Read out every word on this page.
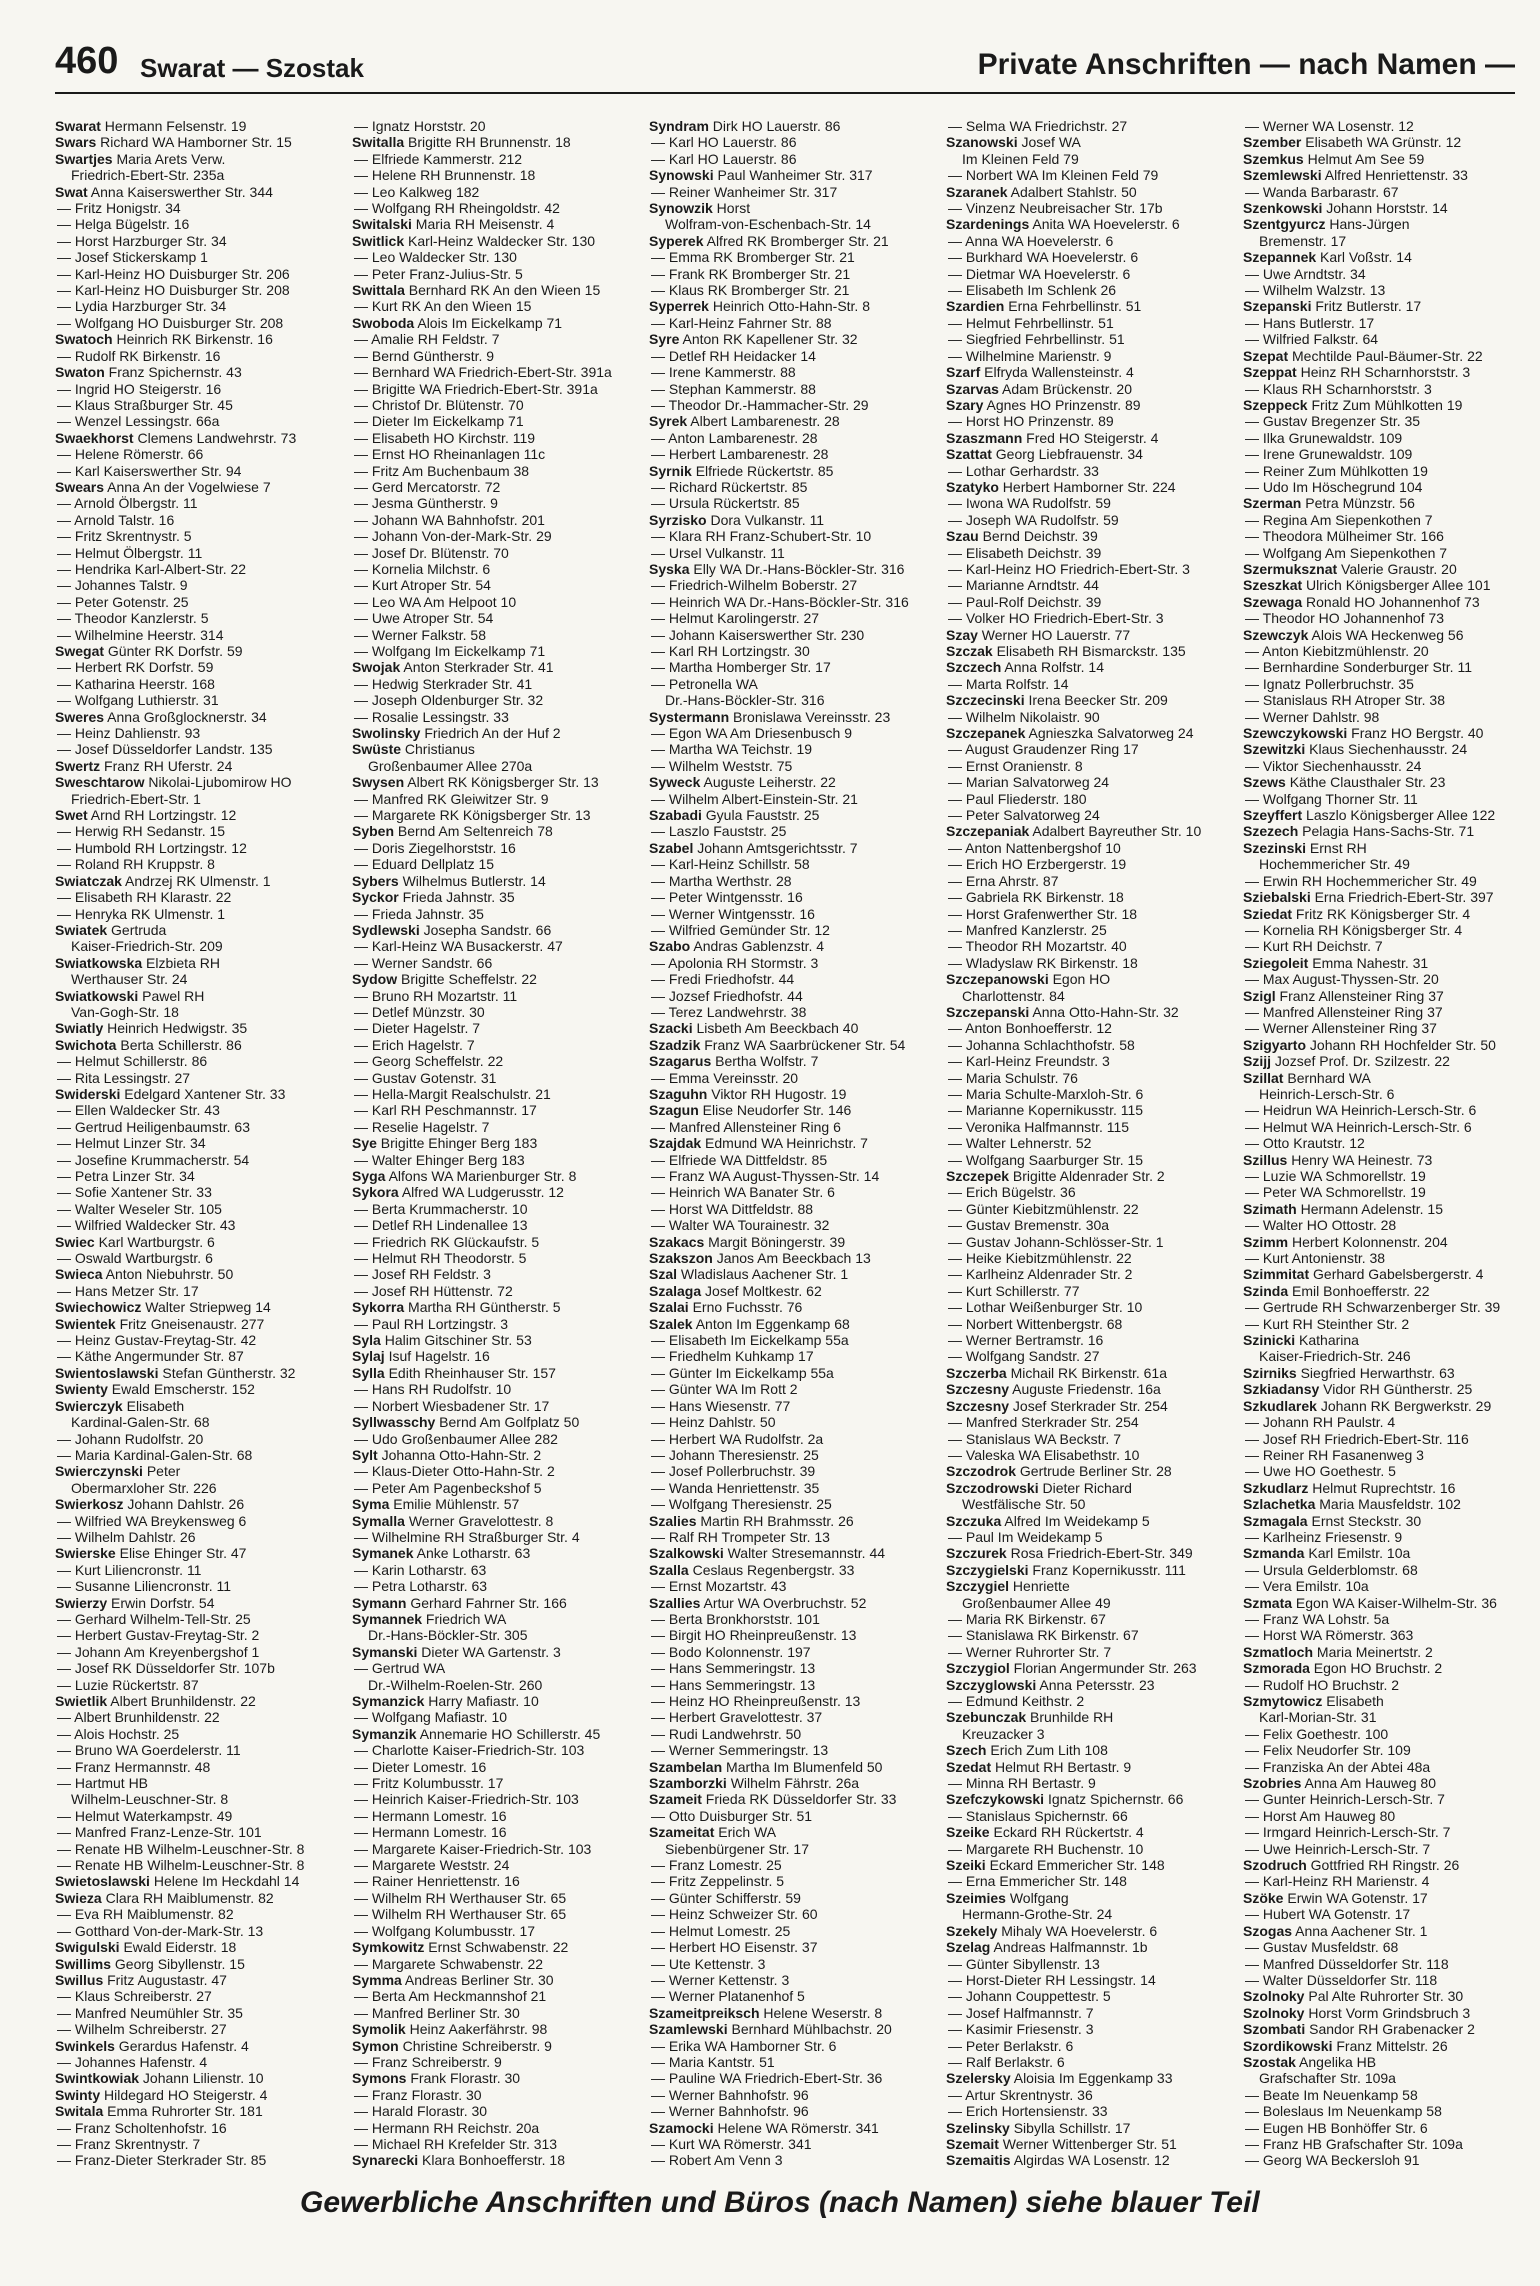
460 Swarat — Szostak	Private Anschriften — nach Namen —
Swarat Hermann Felsenstr. 19
Swars Richard WA Hamborner Str. 15
Swartjes Maria Arets Verw.
Friedrich-Ebert-Str. 235a
Swat Anna Kaiserswerther Str. 344
— Fritz Honigstr. 34
— Helga Bügelstr. 16
— Horst Harzburger Str. 34
— Josef Stickerskamp 1
— Karl-Heinz HO Duisburger Str. 206
— Karl-Heinz HO Duisburger Str. 208
— Lydia Harzburger Str. 34
— Wolfgang HO Duisburger Str. 208
Swatoch Heinrich RK Birkenstr. 16
— Rudolf RK Birkenstr. 16
Swaton Franz Spichernstr. 43
— Ingrid HO Steigerstr. 16
— Klaus Straßburger Str. 45
— Wenzel Lessingstr. 66a
Swaekhorst Clemens Landwehrstr. 73
— Helene Römerstr. 66
— Karl Kaiserswerther Str. 94
Swears Anna An der Vogelwiese 7
— Arnold Ölbergstr. 11
— Arnold Talstr. 16
— Fritz Skrentnystr. 5
— Helmut Ölbergstr. 11
— Hendrika Karl-Albert-Str. 22
— Johannes Talstr. 9
— Peter Gotenstr. 25
— Theodor Kanzlerstr. 5
— Wilhelmine Heerstr. 314
Swegat Günter RK Dorfstr. 59
— Herbert RK Dorfstr. 59
— Katharina Heerstr. 168
— Wolfgang Luthierstr. 31
Sweres Anna Großglocknerstr. 34
— Heinz Dahlienstr. 93
— Josef Düsseldorfer Landstr. 135
Swertz Franz RH Uferstr. 24
Sweschtarow Nikolai-Ljubomirow HO
Friedrich-Ebert-Str. 1
Swet Arnd RH Lortzingstr. 12
— Herwig RH Sedanstr. 15
— Humbold RH Lortzingstr. 12
— Roland RH Kruppstr. 8
Swiatczak Andrzej RK Ulmenstr. 1
— Elisabeth RH Klarastr. 22
— Henryka RK Ulmenstr. 1
Swiatek Gertruda
Kaiser-Friedrich-Str. 209
Swiatkowska Elzbieta RH
Werthauser Str. 24
Swiatkowski Pawel RH
Van-Gogh-Str. 18
Swiatly Heinrich Hedwigstr. 35
Swichota Berta Schillerstr. 86
— Helmut Schillerstr. 86
— Rita Lessingstr. 27
Swiderski Edelgard Xantener Str. 33
— Ellen Waldecker Str. 43
— Gertrud Heiligenbaumstr. 63
— Helmut Linzer Str. 34
— Josefine Krummacherstr. 54
— Petra Linzer Str. 34
— Sofie Xantener Str. 33
— Walter Weseler Str. 105
— Wilfried Waldecker Str. 43
Swiec Karl Wartburgstr. 6
— Oswald Wartburgstr. 6
Swieca Anton Niebuhrstr. 50
— Hans Metzer Str. 17
Swiechowicz Walter Striepweg 14
Swientek Fritz Gneisenaustr. 277
— Heinz Gustav-Freytag-Str. 42
— Käthe Angermunder Str. 87
Swientoslawski Stefan Güntherstr. 32
Swienty Ewald Emscherstr. 152
Swierczyk Elisabeth
Kardinal-Galen-Str. 68
— Johann Rudolfstr. 20
— Maria Kardinal-Galen-Str. 68
Swierczynski Peter
Obermarxloher Str. 226
Swierkosz Johann Dahlstr. 26
— Wilfried WA Breykensweg 6
— Wilhelm Dahlstr. 26
Swierske Elise Ehinger Str. 47
— Kurt Liliencronstr. 11
— Susanne Liliencronstr. 11
Swierzy Erwin Dorfstr. 54
— Gerhard Wilhelm-Tell-Str. 25
— Herbert Gustav-Freytag-Str. 2
— Johann Am Kreyenbergshof 1
— Josef RK Düsseldorfer Str. 107b
— Luzie Rückertstr. 87
Swietlik Albert Brunhildenstr. 22
— Albert Brunhildenstr. 22
— Alois Hochstr. 25
— Bruno WA Goerdelerstr. 11
— Franz Hermannstr. 48
— Hartmut HB
Wilhelm-Leuschner-Str. 8
— Helmut Waterkampstr. 49
— Manfred Franz-Lenze-Str. 101
— Renate HB Wilhelm-Leuschner-Str. 8
— Renate HB Wilhelm-Leuschner-Str. 8
Swietoslawski Helene Im Heckdahl 14
Swieza Clara RH Maiblumenstr. 82
— Eva RH Maiblumenstr. 82
— Gotthard Von-der-Mark-Str. 13
Swigulski Ewald Eiderstr. 18
Swillims Georg Sibyllenstr. 15
Swillus Fritz Augustastr. 47
— Klaus Schreiberstr. 27
— Manfred Neumühler Str. 35
— Wilhelm Schreiberstr. 27
Swinkels Gerardus Hafenstr. 4
— Johannes Hafenstr. 4
Swintkowiak Johann Lilienstr. 10
Swinty Hildegard HO Steigerstr. 4
Switala Emma Ruhrorter Str. 181
— Franz Scholtenhofstr. 16
— Franz Skrentnystr. 7
— Franz-Dieter Sterkrader Str. 85
— Ignatz Horststr. 20
Switalla Brigitte RH Brunnenstr. 18
— Elfriede Kammerstr. 212
— Helene RH Brunnenstr. 18
— Leo Kalkweg 182
— Wolfgang RH Rheingoldstr. 42
Switalski Maria RH Meisenstr. 4
Switlick Karl-Heinz Waldecker Str. 130
— Leo Waldecker Str. 130
— Peter Franz-Julius-Str. 5
Swittala Bernhard RK An den Wieen 15
— Kurt RK An den Wieen 15
Swoboda Alois Im Eickelkamp 71
— Amalie RH Feldstr. 7
— Bernd Güntherstr. 9
— Bernhard WA Friedrich-Ebert-Str. 391a
— Brigitte WA Friedrich-Ebert-Str. 391a
— Christof Dr. Blütenstr. 70
— Dieter Im Eickelkamp 71
— Elisabeth HO Kirchstr. 119
— Ernst HO Rheinanlagen 11c
— Fritz Am Buchenbaum 38
— Gerd Mercatorstr. 72
— Jesma Güntherstr. 9
— Johann WA Bahnhofstr. 201
— Johann Von-der-Mark-Str. 29
— Josef Dr. Blütenstr. 70
— Kornelia Milchstr. 6
— Kurt Atroper Str. 54
— Leo WA Am Helpoot 10
— Uwe Atroper Str. 54
— Werner Falkstr. 58
— Wolfgang Im Eickelkamp 71
Swojak Anton Sterkrader Str. 41
— Hedwig Sterkrader Str. 41
— Joseph Oldenburger Str. 32
— Rosalie Lessingstr. 33
Swolinsky Friedrich An der Huf 2
Swüste Christianus
Großenbaumer Allee 270a
Swysen Albert RK Königsberger Str. 13
— Manfred RK Gleiwitzer Str. 9
— Margarete RK Königsberger Str. 13
Syben Bernd Am Seltenreich 78
— Doris Ziegelhorststr. 16
— Eduard Dellplatz 15
Sybers Wilhelmus Butlerstr. 14
Syckor Frieda Jahnstr. 35
— Frieda Jahnstr. 35
Sydlewski Josepha Sandstr. 66
— Karl-Heinz WA Busackerstr. 47
— Werner Sandstr. 66
Sydow Brigitte Scheffelstr. 22
— Bruno RH Mozartstr. 11
— Detlef Münzstr. 30
— Dieter Hagelstr. 7
— Erich Hagelstr. 7
— Georg Scheffelstr. 22
— Gustav Gotenstr. 31
— Hella-Margit Realschulstr. 21
— Karl RH Peschmannstr. 17
— Reselie Hagelstr. 7
Sye Brigitte Ehinger Berg 183
— Walter Ehinger Berg 183
Syga Alfons WA Marienburger Str. 8
Sykora Alfred WA Ludgerusstr. 12
— Berta Krummacherstr. 10
— Detlef RH Lindenallee 13
— Friedrich RK Glückaufstr. 5
— Helmut RH Theodorstr. 5
— Josef RH Feldstr. 3
— Josef RH Hüttenstr. 72
Sykorra Martha RH Güntherstr. 5
— Paul RH Lortzingstr. 3
Syla Halim Gitschiner Str. 53
Sylaj Isuf Hagelstr. 16
Sylla Edith Rheinhauser Str. 157
— Hans RH Rudolfstr. 10
— Norbert Wiesbadener Str. 17
Syllwasschy Bernd Am Golfplatz 50
— Udo Großenbaumer Allee 282
Sylt Johanna Otto-Hahn-Str. 2
— Klaus-Dieter Otto-Hahn-Str. 2
— Peter Am Pagenbeckshof 5
Syma Emilie Mühlenstr. 57
Symalla Werner Gravelottestr. 8
— Wilhelmine RH Straßburger Str. 4
Symanek Anke Lotharstr. 63
— Karin Lotharstr. 63
— Petra Lotharstr. 63
Symann Gerhard Fahrner Str. 166
Symannek Friedrich WA
Dr.-Hans-Böckler-Str. 305
Symanski Dieter WA Gartenstr. 3
— Gertrud WA
Dr.-Wilhelm-Roelen-Str. 260
Symanzick Harry Mafiastr. 10
— Wolfgang Mafiastr. 10
Symanzik Annemarie HO Schillerstr. 45
— Charlotte Kaiser-Friedrich-Str. 103
— Dieter Lomestr. 16
— Fritz Kolumbusstr. 17
— Heinrich Kaiser-Friedrich-Str. 103
— Hermann Lomestr. 16
— Hermann Lomestr. 16
— Margarete Kaiser-Friedrich-Str. 103
— Margarete Weststr. 24
— Rainer Henriettenstr. 16
— Wilhelm RH Werthauser Str. 65
— Wilhelm RH Werthauser Str. 65
— Wolfgang Kolumbusstr. 17
Symkowitz Ernst Schwabenstr. 22
— Margarete Schwabenstr. 22
Symma Andreas Berliner Str. 30
— Berta Am Heckmannshof 21
— Manfred Berliner Str. 30
Symolik Heinz Aakerfährstr. 98
Symon Christine Schreiberstr. 9
— Franz Schreiberstr. 9
Symons Frank Florastr. 30
— Franz Florastr. 30
— Harald Florastr. 30
— Hermann RH Reichstr. 20a
— Michael RH Krefelder Str. 313
Synarecki Klara Bonhoefferstr. 18
Syndram Dirk HO Lauerstr. 86
— Karl HO Lauerstr. 86
— Karl HO Lauerstr. 86
Synowski Paul Wanheimer Str. 317
— Reiner Wanheimer Str. 317
Synowzik Horst
Wolfram-von-Eschenbach-Str. 14
Syperek Alfred RK Bromberger Str. 21
— Emma RK Bromberger Str. 21
— Frank RK Bromberger Str. 21
— Klaus RK Bromberger Str. 21
Syperrek Heinrich Otto-Hahn-Str. 8
— Karl-Heinz Fahrner Str. 88
Syre Anton RK Kapellener Str. 32
— Detlef RH Heidacker 14
— Irene Kammerstr. 88
— Stephan Kammerstr. 88
— Theodor Dr.-Hammacher-Str. 29
Syrek Albert Lambarenestr. 28
— Anton Lambarenestr. 28
— Herbert Lambarenestr. 28
Syrnik Elfriede Rückertstr. 85
— Richard Rückertstr. 85
— Ursula Rückertstr. 85
Syrzisko Dora Vulkanstr. 11
— Klara RH Franz-Schubert-Str. 10
— Ursel Vulkanstr. 11
Syska Elly WA Dr.-Hans-Böckler-Str. 316
— Friedrich-Wilhelm Boberstr. 27
— Heinrich WA Dr.-Hans-Böckler-Str. 316
— Helmut Karolingerstr. 27
— Johann Kaiserswerther Str. 230
— Karl RH Lortzingstr. 30
— Martha Homberger Str. 17
— Petronella WA
Dr.-Hans-Böckler-Str. 316
Systermann Bronislawa Vereinsstr. 23
— Egon WA Am Driesenbusch 9
— Martha WA Teichstr. 19
— Wilhelm Weststr. 75
Syweck Auguste Leiherstr. 22
— Wilhelm Albert-Einstein-Str. 21
Szabadi Gyula Fauststr. 25
— Laszlo Fauststr. 25
Szabel Johann Amtsgerichtsstr. 7
— Karl-Heinz Schillstr. 58
— Martha Werthstr. 28
— Peter Wintgensstr. 16
— Werner Wintgensstr. 16
— Wilfried Gemünder Str. 12
Szabo Andras Gablenzstr. 4
— Apolonia RH Stormstr. 3
— Fredi Friedhofstr. 44
— Jozsef Friedhofstr. 44
— Terez Landwehrstr. 38
Szacki Lisbeth Am Beeckbach 40
Szadzik Franz WA Saarbrückener Str. 54
Szagarus Bertha Wolfstr. 7
— Emma Vereinsstr. 20
Szaguhn Viktor RH Hugostr. 19
Szagun Elise Neudorfer Str. 146
— Manfred Allensteiner Ring 6
Szajdak Edmund WA Heinrichstr. 7
— Elfriede WA Dittfeldstr. 85
— Franz WA August-Thyssen-Str. 14
— Heinrich WA Banater Str. 6
— Horst WA Dittfeldstr. 88
— Walter WA Tourainestr. 32
Szakacs Margit Böningerstr. 39
Szakszon Janos Am Beeckbach 13
Szal Wladislaus Aachener Str. 1
Szalaga Josef Moltkestr. 62
Szalai Erno Fuchsstr. 76
Szalek Anton Im Eggenkamp 68
— Elisabeth Im Eickelkamp 55a
— Friedhelm Kuhkamp 17
— Günter Im Eickelkamp 55a
— Günter WA Im Rott 2
— Hans Wiesenstr. 77
— Heinz Dahlstr. 50
— Herbert WA Rudolfstr. 2a
— Johann Theresienstr. 25
— Josef Pollerbruchstr. 39
— Wanda Henriettenstr. 35
— Wolfgang Theresienstr. 25
Szalies Martin RH Brahmsstr. 26
— Ralf RH Trompeter Str. 13
Szalkowski Walter Stresemannstr. 44
Szalla Ceslaus Regenbergstr. 33
— Ernst Mozartstr. 43
Szallies Artur WA Overbruchstr. 52
— Berta Bronkhorststr. 101
— Birgit HO Rheinpreußenstr. 13
— Bodo Kolonnenstr. 197
— Hans Semmeringstr. 13
— Hans Semmeringstr. 13
— Heinz HO Rheinpreußenstr. 13
— Herbert Gravelottestr. 37
— Rudi Landwehrstr. 50
— Werner Semmeringstr. 13
Szambelan Martha Im Blumenfeld 50
Szamborzki Wilhelm Fährstr. 26a
Szameit Frieda RK Düsseldorfer Str. 33
— Otto Duisburger Str. 51
Szameitat Erich WA
Siebenbürgener Str. 17
— Franz Lomestr. 25
— Fritz Zeppelinstr. 5
— Günter Schifferstr. 59
— Heinz Schweizer Str. 60
— Helmut Lomestr. 25
— Herbert HO Eisenstr. 37
— Ute Kettenstr. 3
— Werner Kettenstr. 3
— Werner Platanenhof 5
Szameitpreiksch Helene Weserstr. 8
Szamlewski Bernhard Mühlbachstr. 20
— Erika WA Hamborner Str. 6
— Maria Kantstr. 51
— Pauline WA Friedrich-Ebert-Str. 36
— Werner Bahnhofstr. 96
— Werner Bahnhofstr. 96
Szamocki Helene WA Römerstr. 341
— Kurt WA Römerstr. 341
— Robert Am Venn 3
— Selma WA Friedrichstr. 27
Szanowski Josef WA
Im Kleinen Feld 79
— Norbert WA Im Kleinen Feld 79
Szaranek Adalbert Stahlstr. 50
— Vinzenz Neubreisacher Str. 17b
Szardenings Anita WA Hoevelerstr. 6
— Anna WA Hoevelerstr. 6
— Burkhard WA Hoevelerstr. 6
— Dietmar WA Hoevelerstr. 6
— Elisabeth Im Schlenk 26
Szardien Erna Fehrbellinstr. 51
— Helmut Fehrbellinstr. 51
— Siegfried Fehrbellinstr. 51
— Wilhelmine Marienstr. 9
Szarf Elfryda Wallensteinstr. 4
Szarvas Adam Brückenstr. 20
Szary Agnes HO Prinzenstr. 89
— Horst HO Prinzenstr. 89
Szaszmann Fred HO Steigerstr. 4
Szattat Georg Liebfrauenstr. 34
— Lothar Gerhardstr. 33
Szatyko Herbert Hamborner Str. 224
— Iwona WA Rudolfstr. 59
— Joseph WA Rudolfstr. 59
Szau Bernd Deichstr. 39
— Elisabeth Deichstr. 39
— Karl-Heinz HO Friedrich-Ebert-Str. 3
— Marianne Arndtstr. 44
— Paul-Rolf Deichstr. 39
— Volker HO Friedrich-Ebert-Str. 3
Szay Werner HO Lauerstr. 77
Szczak Elisabeth RH Bismarckstr. 135
Szczech Anna Rolfstr. 14
— Marta Rolfstr. 14
Szczecinski Irena Beecker Str. 209
— Wilhelm Nikolaistr. 90
Szczepanek Agnieszka Salvatorweg 24
— August Graudenzer Ring 17
— Ernst Oranienstr. 8
— Marian Salvatorweg 24
— Paul Fliederstr. 180
— Peter Salvatorweg 24
Szczepaniak Adalbert Bayreuther Str. 10
— Anton Nattenbergshof 10
— Erich HO Erzbergerstr. 19
— Erna Ahrstr. 87
— Gabriela RK Birkenstr. 18
— Horst Grafenwerther Str. 18
— Manfred Kanzlerstr. 25
— Theodor RH Mozartstr. 40
— Wladyslaw RK Birkenstr. 18
Szczepanowski Egon HO
Charlottenstr. 84
Szczepanski Anna Otto-Hahn-Str. 32
— Anton Bonhoefferstr. 12
— Johanna Schlachthofstr. 58
— Karl-Heinz Freundstr. 3
— Maria Schulstr. 76
— Maria Schulte-Marxloh-Str. 6
— Marianne Kopernikusstr. 115
— Veronika Halfmannstr. 115
— Walter Lehnerstr. 52
— Wolfgang Saarburger Str. 15
Szczepek Brigitte Aldenrader Str. 2
— Erich Bügelstr. 36
— Günter Kiebitzmühlenstr. 22
— Gustav Bremenstr. 30a
— Gustav Johann-Schlösser-Str. 1
— Heike Kiebitzmühlenstr. 22
— Karlheinz Aldenrader Str. 2
— Kurt Schillerstr. 77
— Lothar Weißenburger Str. 10
— Norbert Wittenbergstr. 68
— Werner Bertramstr. 16
— Wolfgang Sandstr. 27
Szczerba Michail RK Birkenstr. 61a
Szczesny Auguste Friedenstr. 16a
Szczesny Josef Sterkrader Str. 254
— Manfred Sterkrader Str. 254
— Stanislaus WA Beckstr. 7
— Valeska WA Elisabethstr. 10
Szczodrok Gertrude Berliner Str. 28
Szczodrowski Dieter Richard
Westfälische Str. 50
Szczuka Alfred Im Weidekamp 5
— Paul Im Weidekamp 5
Szczurek Rosa Friedrich-Ebert-Str. 349
Szczygielski Franz Kopernikusstr. 111
Szczygiel Henriette
Großenbaumer Allee 49
— Maria RK Birkenstr. 67
— Stanislawa RK Birkenstr. 67
— Werner Ruhrorter Str. 7
Szczygiol Florian Angermunder Str. 263
Szczyglowski Anna Petersstr. 23
— Edmund Keithstr. 2
Szebunczak Brunhilde RH
Kreuzacker 3
Szech Erich Zum Lith 108
Szedat Helmut RH Bertastr. 9
— Minna RH Bertastr. 9
Szefczykowski Ignatz Spichernstr. 66
— Stanislaus Spichernstr. 66
Szeike Eckard RH Rückertstr. 4
— Margarete RH Buchenstr. 10
Szeiki Eckard Emmericher Str. 148
— Erna Emmericher Str. 148
Szeimies Wolfgang
Hermann-Grothe-Str. 24
Szekely Mihaly WA Hoevelerstr. 6
Szelag Andreas Halfmannstr. 1b
— Günter Sibyllenstr. 13
— Horst-Dieter RH Lessingstr. 14
— Johann Couppettestr. 5
— Josef Halfmannstr. 7
— Kasimir Friesenstr. 3
— Peter Berlakstr. 6
— Ralf Berlakstr. 6
Szelersky Aloisia Im Eggenkamp 33
— Artur Skrentnystr. 36
— Erich Hortensienstr. 33
Szelinsky Sibylla Schillstr. 17
Szemait Werner Wittenberger Str. 51
Szemaitis Algirdas WA Losenstr. 12
— Werner WA Losenstr. 12
Szember Elisabeth WA Grünstr. 12
Szemkus Helmut Am See 59
Szemlewski Alfred Henriettenstr. 33
— Wanda Barbarastr. 67
Szenkowski Johann Horststr. 14
Szentgyurcz Hans-Jürgen
Bremenstr. 17
Szepannek Karl Voßstr. 14
— Uwe Arndtstr. 34
— Wilhelm Walzstr. 13
Szepanski Fritz Butlerstr. 17
— Hans Butlerstr. 17
— Wilfried Falkstr. 64
Szepat Mechtilde Paul-Bäumer-Str. 22
Szeppat Heinz RH Scharnhorststr. 3
— Klaus RH Scharnhorststr. 3
Szeppeck Fritz Zum Mühlkotten 19
— Gustav Bregenzer Str. 35
— Ilka Grunewaldstr. 109
— Irene Grunewaldstr. 109
— Reiner Zum Mühlkotten 19
— Udo Im Höschegrund 104
Szerman Petra Münzstr. 56
— Regina Am Siepenkothen 7
— Theodora Mülheimer Str. 166
— Wolfgang Am Siepenkothen 7
Szermuksznat Valerie Graustr. 20
Szeszkat Ulrich Königsberger Allee 101
Szewaga Ronald HO Johannenhof 73
— Theodor HO Johannenhof 73
Szewczyk Alois WA Heckenweg 56
— Anton Kiebitzmühlenstr. 20
— Bernhardine Sonderburger Str. 11
— Ignatz Pollerbruchstr. 35
— Stanislaus RH Atroper Str. 38
— Werner Dahlstr. 98
Szewczykowski Franz HO Bergstr. 40
Szewitzki Klaus Siechenhausstr. 24
— Viktor Siechenhausstr. 24
Szews Käthe Clausthaler Str. 23
— Wolfgang Thorner Str. 11
Szeyffert Laszlo Königsberger Allee 122
Szezech Pelagia Hans-Sachs-Str. 71
Szezinski Ernst RH
Hochemmericher Str. 49
— Erwin RH Hochemmericher Str. 49
Sziebalski Erna Friedrich-Ebert-Str. 397
Sziedat Fritz RK Königsberger Str. 4
— Kornelia RH Königsberger Str. 4
— Kurt RH Deichstr. 7
Sziegoleit Emma Nahestr. 31
— Max August-Thyssen-Str. 20
Szigl Franz Allensteiner Ring 37
— Manfred Allensteiner Ring 37
— Werner Allensteiner Ring 37
Szigyarto Johann RH Hochfelder Str. 50
Szijj Jozsef Prof. Dr. Szilzestr. 22
Szillat Bernhard WA
Heinrich-Lersch-Str. 6
— Heidrun WA Heinrich-Lersch-Str. 6
— Helmut WA Heinrich-Lersch-Str. 6
— Otto Krautstr. 12
Szillus Henry WA Heinestr. 73
— Luzie WA Schmorellstr. 19
— Peter WA Schmorellstr. 19
Szimath Hermann Adelenstr. 15
— Walter HO Ottostr. 28
Szimm Herbert Kolonnenstr. 204
— Kurt Antonienstr. 38
Szimmitat Gerhard Gabelsbergerstr. 4
Szinda Emil Bonhoefferstr. 22
— Gertrude RH Schwarzenberger Str. 39
— Kurt RH Steinther Str. 2
Szinicki Katharina
Kaiser-Friedrich-Str. 246
Szirniks Siegfried Herwarthstr. 63
Szkiadansy Vidor RH Güntherstr. 25
Szkudlarek Johann RK Bergwerkstr. 29
— Johann RH Paulstr. 4
— Josef RH Friedrich-Ebert-Str. 116
— Reiner RH Fasanenweg 3
— Uwe HO Goethestr. 5
Szkudlarz Helmut Ruprechtstr. 16
Szlachetka Maria Mausfeldstr. 102
Szmagala Ernst Steckstr. 30
— Karlheinz Friesenstr. 9
Szmanda Karl Emilstr. 10a
— Ursula Gelderblomstr. 68
— Vera Emilstr. 10a
Szmata Egon WA Kaiser-Wilhelm-Str. 36
— Franz WA Lohstr. 5a
— Horst WA Römerstr. 363
Szmatloch Maria Meinertstr. 2
Szmorada Egon HO Bruchstr. 2
— Rudolf HO Bruchstr. 2
Szmytowicz Elisabeth
Karl-Morian-Str. 31
— Felix Goethestr. 100
— Felix Neudorfer Str. 109
— Franziska An der Abtei 48a
Szobries Anna Am Hauweg 80
— Gunter Heinrich-Lersch-Str. 7
— Horst Am Hauweg 80
— Irmgard Heinrich-Lersch-Str. 7
— Uwe Heinrich-Lersch-Str. 7
Szodruch Gottfried RH Ringstr. 26
— Karl-Heinz RH Marienstr. 4
Szöke Erwin WA Gotenstr. 17
— Hubert WA Gotenstr. 17
Szogas Anna Aachener Str. 1
— Gustav Musfeldstr. 68
— Manfred Düsseldorfer Str. 118
— Walter Düsseldorfer Str. 118
Szolnoky Pal Alte Ruhrorter Str. 30
Szolnoky Horst Vorm Grindsbruch 3
Szombati Sandor RH Grabenacker 2
Szordikowski Franz Mittelstr. 26
Szostak Angelika HB
Grafschafter Str. 109a
— Beate Im Neuenkamp 58
— Boleslaus Im Neuenkamp 58
— Eugen HB Bonhöffer Str. 6
— Franz HB Grafschafter Str. 109a
— Georg WA Beckersloh 91
Gewerbliche Anschriften und Büros (nach Namen) siehe blauer Teil
